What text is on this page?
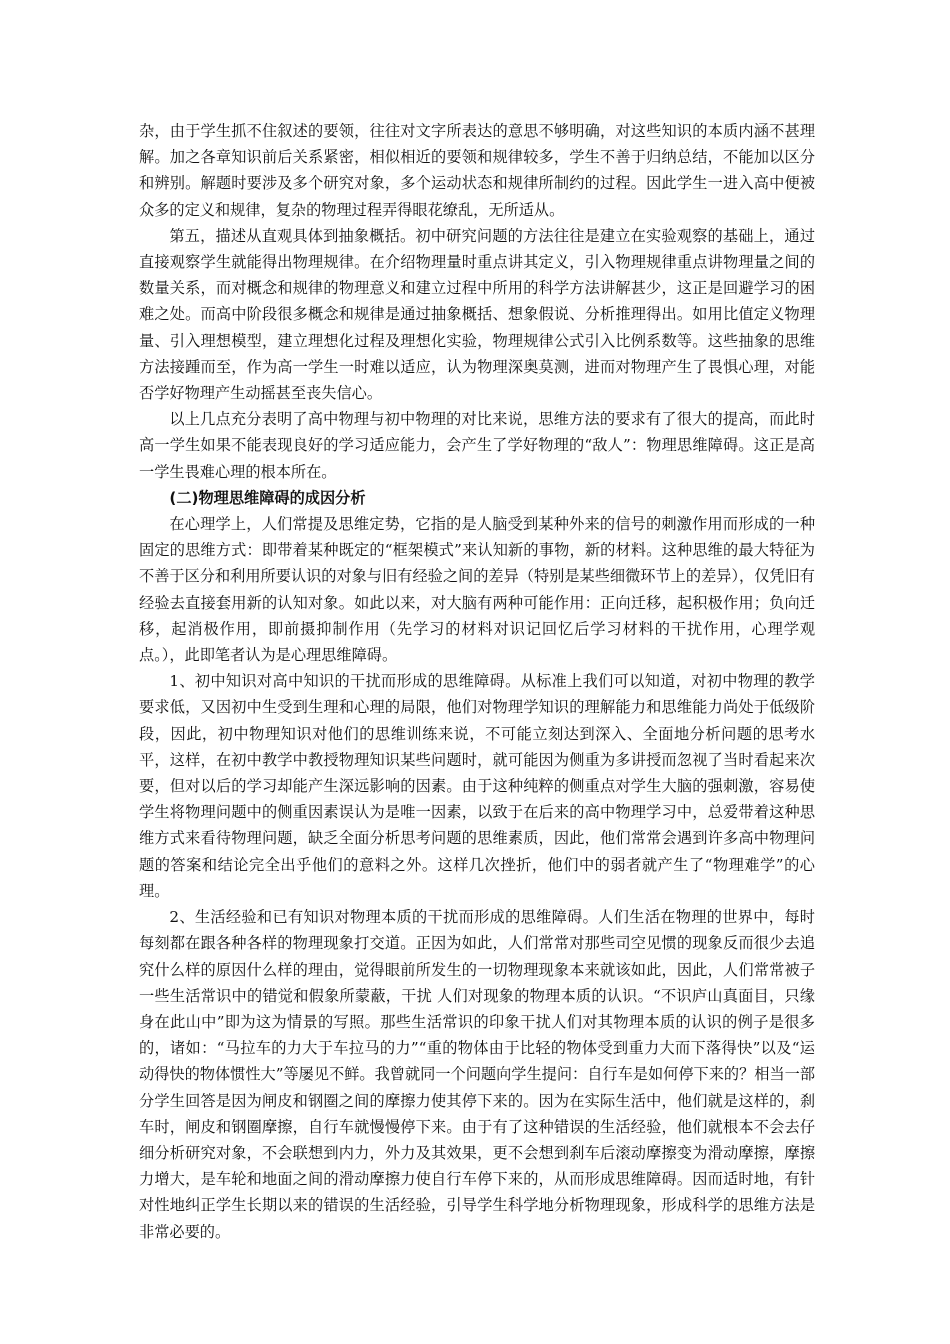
杂，由于学生抓不住叙述的要领，往往对文字所表达的意思不够明确，对这些知识的本质内涵不甚理解。加之各章知识前后关系紧密，相似相近的要领和规律较多，学生不善于归纳总结，不能加以区分和辨别。解题时要涉及多个研究对象，多个运动状态和规律所制约的过程。因此学生一进入高中便被众多的定义和规律，复杂的物理过程弄得眼花缭乱，无所适从。

第五，描述从直观具体到抽象概括。初中研究问题的方法往往是建立在实验观察的基础上，通过直接观察学生就能得出物理规律。在介绍物理量时重点讲其定义，引入物理规律重点讲物理量之间的数量关系，而对概念和规律的物理意义和建立过程中所用的科学方法讲解甚少，这正是回避学习的困难之处。而高中阶段很多概念和规律是通过抽象概括、想象假说、分析推理得出。如用比值定义物理量、引入理想模型，建立理想化过程及理想化实验，物理规律公式引入比例系数等。这些抽象的思维方法接踵而至，作为高一学生一时难以适应，认为物理深奥莫测，进而对物理产生了畏惧心理，对能否学好物理产生动摇甚至丧失信心。

以上几点充分表明了高中物理与初中物理的对比来说，思维方法的要求有了很大的提高，而此时高一学生如果不能表现良好的学习适应能力，会产生了学好物理的“敌人”：物理思维障碍。这正是高一学生畏难心理的根本所在。

(二)物理思维障碍的成因分析

在心理学上，人们常提及思维定势，它指的是人脑受到某种外来的信号的刺激作用而形成的一种固定的思维方式：即带着某种既定的“框架模式”来认知新的事物，新的材料。这种思维的最大特征为不善于区分和利用所要认识的对象与旧有经验之间的差异（特别是某些细微环节上的差异），仅凭旧有经验去直接套用新的认知对象。如此以来，对大脑有两种可能作用：正向迁移，起积极作用；负向迁移，起消极作用，即前摄抑制作用（先学习的材料对识记回忆后学习材料的干扰作用，心理学观点。），此即笔者认为是心理思维障碍。

1、初中知识对高中知识的干扰而形成的思维障碍。从标准上我们可以知道，对初中物理的教学要求低，又因初中生受到生理和心理的局限，他们对物理学知识的理解能力和思维能力尚处于低级阶段，因此，初中物理知识对他们的思维训练来说，不可能立刻达到深入、全面地分析问题的思考水平，这样，在初中教学中教授物理知识某些问题时，就可能因为侧重为多讲授而忽视了当时看起来次要，但对以后的学习却能产生深远影响的因素。由于这种纯粹的侧重点对学生大脑的强刺激，容易使学生将物理问题中的侧重因素误认为是唯一因素，以致于在后来的高中物理学习中，总爱带着这种思维方式来看待物理问题，缺乏全面分析思考问题的思维素质，因此，他们常常会遇到许多高中物理问题的答案和结论完全出乎他们的意料之外。这样几次挫折，他们中的弱者就产生了“物理难学”的心理。

2、生活经验和已有知识对物理本质的干扰而形成的思维障碍。人们生活在物理的世界中，每时每刻都在跟各种各样的物理现象打交道。正因为如此，人们常常对那些司空见惯的现象反而很少去追究什么样的原因什么样的理由，觉得眼前所发生的一切物理现象本来就该如此，因此，人们常常被子一些生活常识中的错觉和假象所蒙蔽，干扰 人们对现象的物理本质的认识。“不识庐山真面目，只缘身在此山中”即为这为情景的写照。那些生活常识的印象干扰人们对其物理本质的认识的例子是很多的，诸如：“马拉车的力大于车拉马的力”“重的物体由于比轻的物体受到重力大而下落得快”以及“运动得快的物体惯性大”等屡见不鲜。我曾就同一个问题向学生提问：自行车是如何停下来的？相当一部分学生回答是因为闸皮和钢圈之间的摩擦力使其停下来的。因为在实际生活中，他们就是这样的，刹车时，闸皮和钢圈摩擦，自行车就慢慢停下来。由于有了这种错误的生活经验，他们就根本不会去仔细分析研究对象，不会联想到内力，外力及其效果，更不会想到刹车后滚动摩擦变为滑动摩擦，摩擦力增大，是车轮和地面之间的滑动摩擦力使自行车停下来的，从而形成思维障碍。因而适时地，有针对性地纠正学生长期以来的错误的生活经验，引导学生科学地分析物理现象，形成科学的思维方法是非常必要的。
